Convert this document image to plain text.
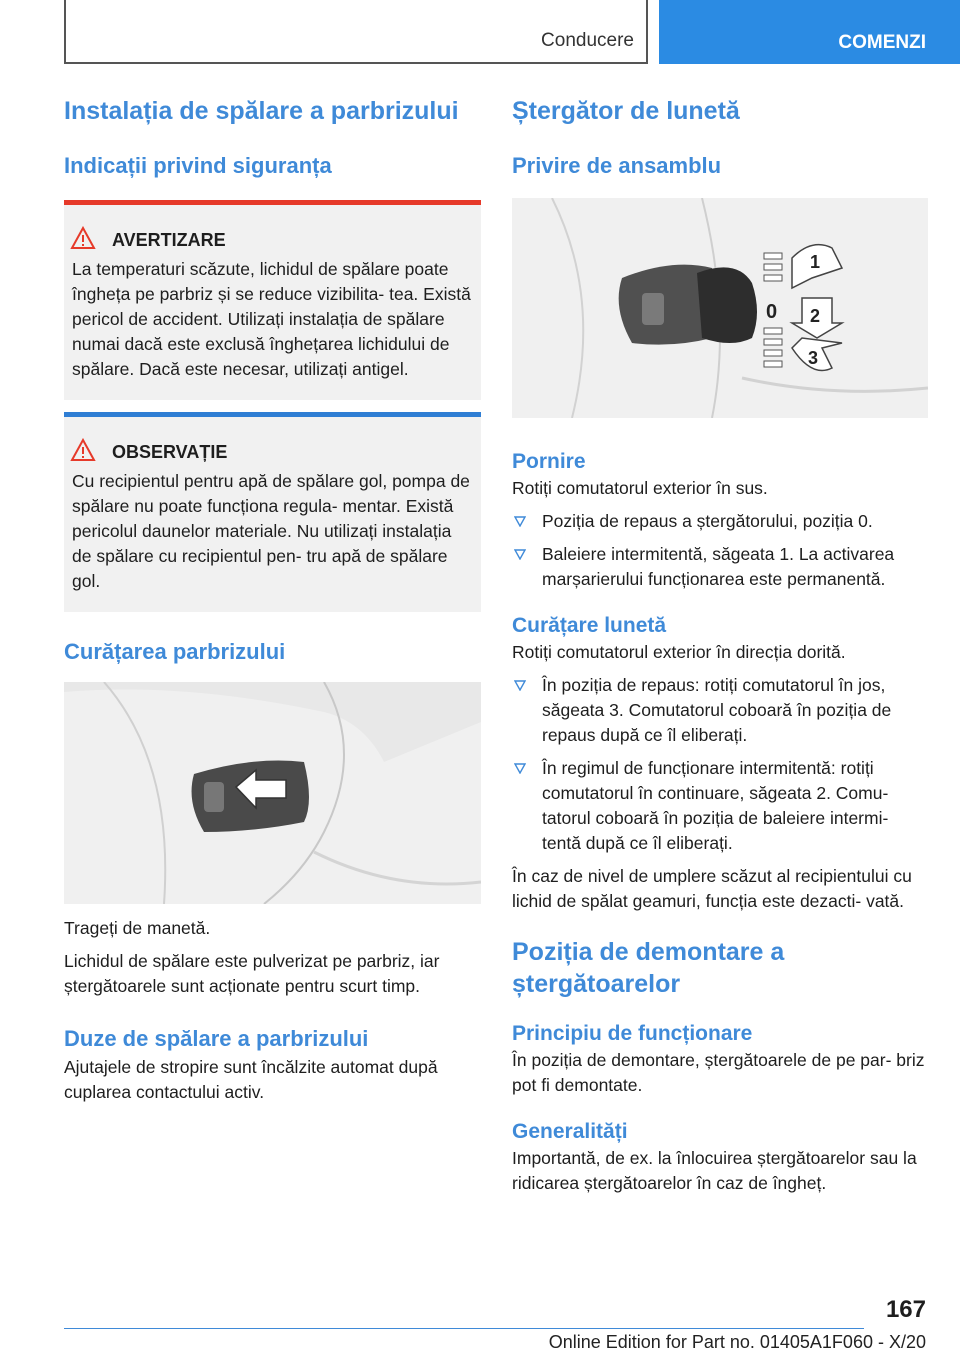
Conducere	COMENZI
Instalația de spălare a parbrizului
Indicații privind siguranța
AVERTIZARE

La temperaturi scăzute, lichidul de spălare poate îngheța pe parbriz și se reduce vizibilita- tea. Există pericol de accident. Utilizați instalația de spălare numai dacă este exclusă înghețarea lichidului de spălare. Dacă este necesar, utilizați antigel.

OBSERVAȚIE

Cu recipientul pentru apă de spălare gol, pompa de spălare nu poate funcționa regula- mentar. Există pericolul daunelor materiale. Nu utilizați instalația de spălare cu recipientul pen- tru apă de spălare gol.

Curățarea parbrizului

Trageți de manetă.

Lichidul de spălare este pulverizat pe parbriz, iar ștergătoarele sunt acționate pentru scurt timp.

Duze de spălare a parbrizului

Ajutajele de stropire sunt încălzite automat după cuplarea contactului activ.

Ștergător de lunetă
Privire de ansamblu
1
0 2
3
Pornire

Rotiți comutatorul exterior în sus.

Poziția de repaus a ștergătorului, poziția 0.
Baleiere intermitentă, săgeata 1. La activarea marșarierului funcționarea este permanentă.
Curățare lunetă

Rotiți comutatorul exterior în direcția dorită.

În poziția de repaus: rotiți comutatorul în jos, săgeata 3. Comutatorul coboară în poziția de repaus după ce îl eliberați.
În regimul de funcționare intermitentă: rotiți comutatorul în continuare, săgeata 2. Comu- tatorul coboară în poziția de baleiere intermi- tentă după ce îl eliberați.

În caz de nivel de umplere scăzut al recipientului cu lichid de spălat geamuri, funcția este dezacti- vată.

Poziția de demontare a ștergătoarelor
Principiu de funcționare

În poziția de demontare, ștergătoarele de pe par- briz pot fi demontate.

Generalități

Importantă, de ex. la înlocuirea ștergătoarelor sau la ridicarea ștergătoarelor în caz de îngheț.

167
Online Edition for Part no. 01405A1F060 - X/20
